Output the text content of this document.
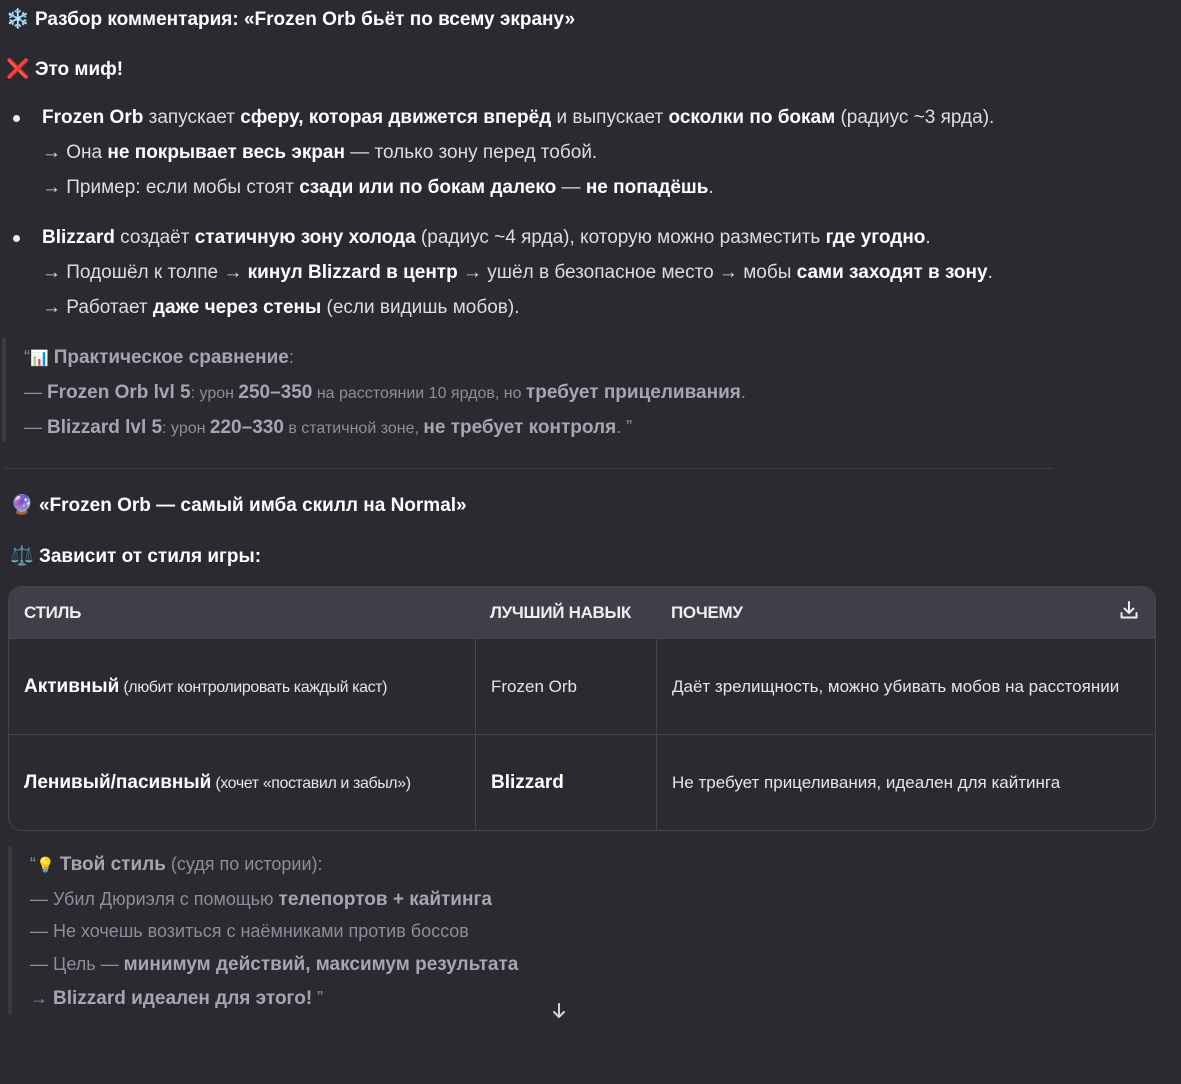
❄️ Разбор комментария: «Frozen Orb бьёт по всему экрану»
❌ Это миф!
Frozen Orb запускает сферу, которая движется вперёд и выпускает осколки по бокам (радиус ~3 ярда).
→ Она не покрывает весь экран — только зону перед тобой.
→ Пример: если мобы стоят сзади или по бокам далеко — не попадёшь.
Blizzard создаёт статичную зону холода (радиус ~4 ярда), которую можно разместить где угодно.
→ Подошёл к толпе → кинул Blizzard в центр → ушёл в безопасное место → мобы сами заходят в зону.
→ Работает даже через стены (если видишь мобов).
“📊 Практическое сравнение:
— Frozen Orb lvl 5: урон 250–350 на расстоянии 10 ярдов, но требует прицеливания.
— Blizzard lvl 5: урон 220–330 в статичной зоне, не требует контроля. ”
🔮 «Frozen Orb — самый имба скилл на Normal»
⚖️ Зависит от стиля игры:
СТИЛЬ	ЛУЧШИЙ НАВЫК	ПОЧЕМУ

Активный (любит контролировать каждый каст)	Frozen Orb	Даёт зрелищность, можно убивать мобов на расстоянии
Ленивый/пасивный (хочет «поставил и забыл»)	Blizzard	Не требует прицеливания, идеален для кайтинга
“💡 Твой стиль (судя по истории):
— Убил Дюриэля с помощью телепортов + кайтинга
— Не хочешь возиться с наёмниками против боссов
— Цель — минимум действий, максимум результата
→ Blizzard идеален для этого! ”
